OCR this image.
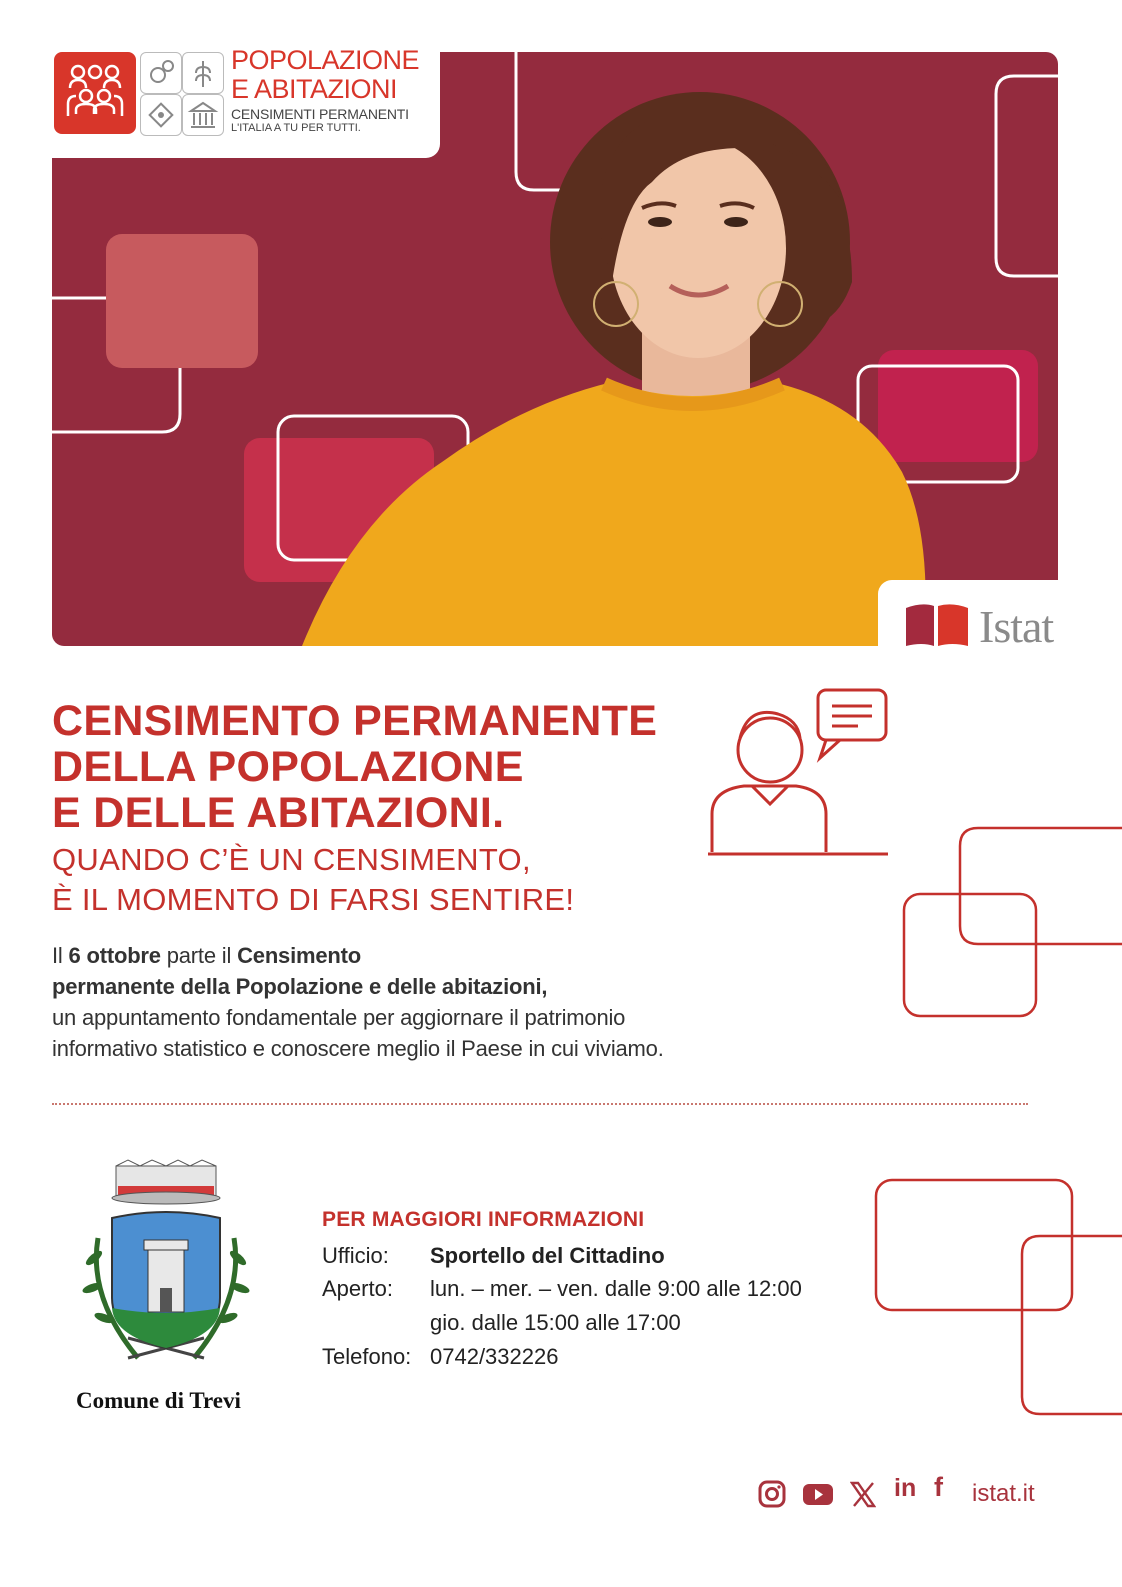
POPOLAZIONE
E ABITAZIONI
CENSIMENTI PERMANENTI
L'ITALIA A TU PER TUTTI.
Istat
CENSIMENTO PERMANENTE
DELLA POPOLAZIONE
E DELLE ABITAZIONI.
QUANDO C’È UN CENSIMENTO,
È IL MOMENTO DI FARSI SENTIRE!
Il 6 ottobre parte il Censimento
permanente della Popolazione e delle abitazioni,
un appuntamento fondamentale per aggiornare il patrimonio
informativo statistico e conoscere meglio il Paese in cui viviamo.
Comune di Trevi
PER MAGGIORI INFORMAZIONI
Ufficio: Sportello del Cittadino
Aperto: lun. – mer. – ven. dalle 9:00 alle 12:00
gio. dalle 15:00 alle 17:00
Telefono: 0742/332226
in f istat.it
